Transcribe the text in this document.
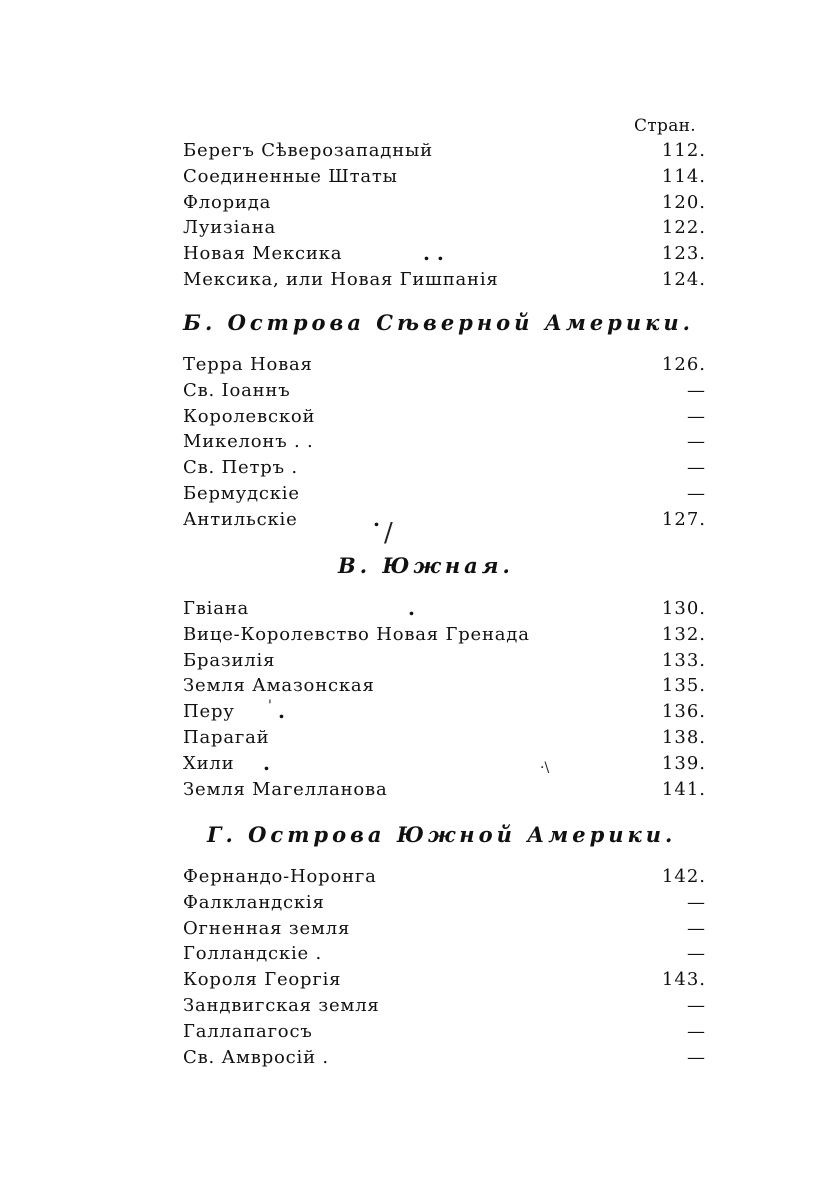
Стран.
Берегъ Сѣверозападный	112.
Соединенные Штаты	114.
Флорида	120.
Луизіана	122.
Новая Мексика	. .	123.
Мексика, или Новая Гишпанія	124.
Б. Острова Сѣверной Америки.
Терра Новая	126.
Св. Іоаннъ	—
Королевской	—
Микелонъ . .	—
Св. Петръ .	—
Бермудскіе	—
Антильскіе	.	127.
/
В. Южная.
Гвіана	.	130.
Вице-Королевство Новая Гренада	132.
Бразилія	133.
Земля Амазонская	135.
Перу .	136.
Парагай	138.
Хили .	139.
Земля Магелланова	141.
·\
'
Г. Острова Южной Америки.
Фернандо-Норонга	142.
Фалкландскія	—
Огненная земля	—
Голландскіе .	—
Короля Георгія	143.
Зандвигская земля	—
Галлапагосъ	—
Св. Амвросій .	—
